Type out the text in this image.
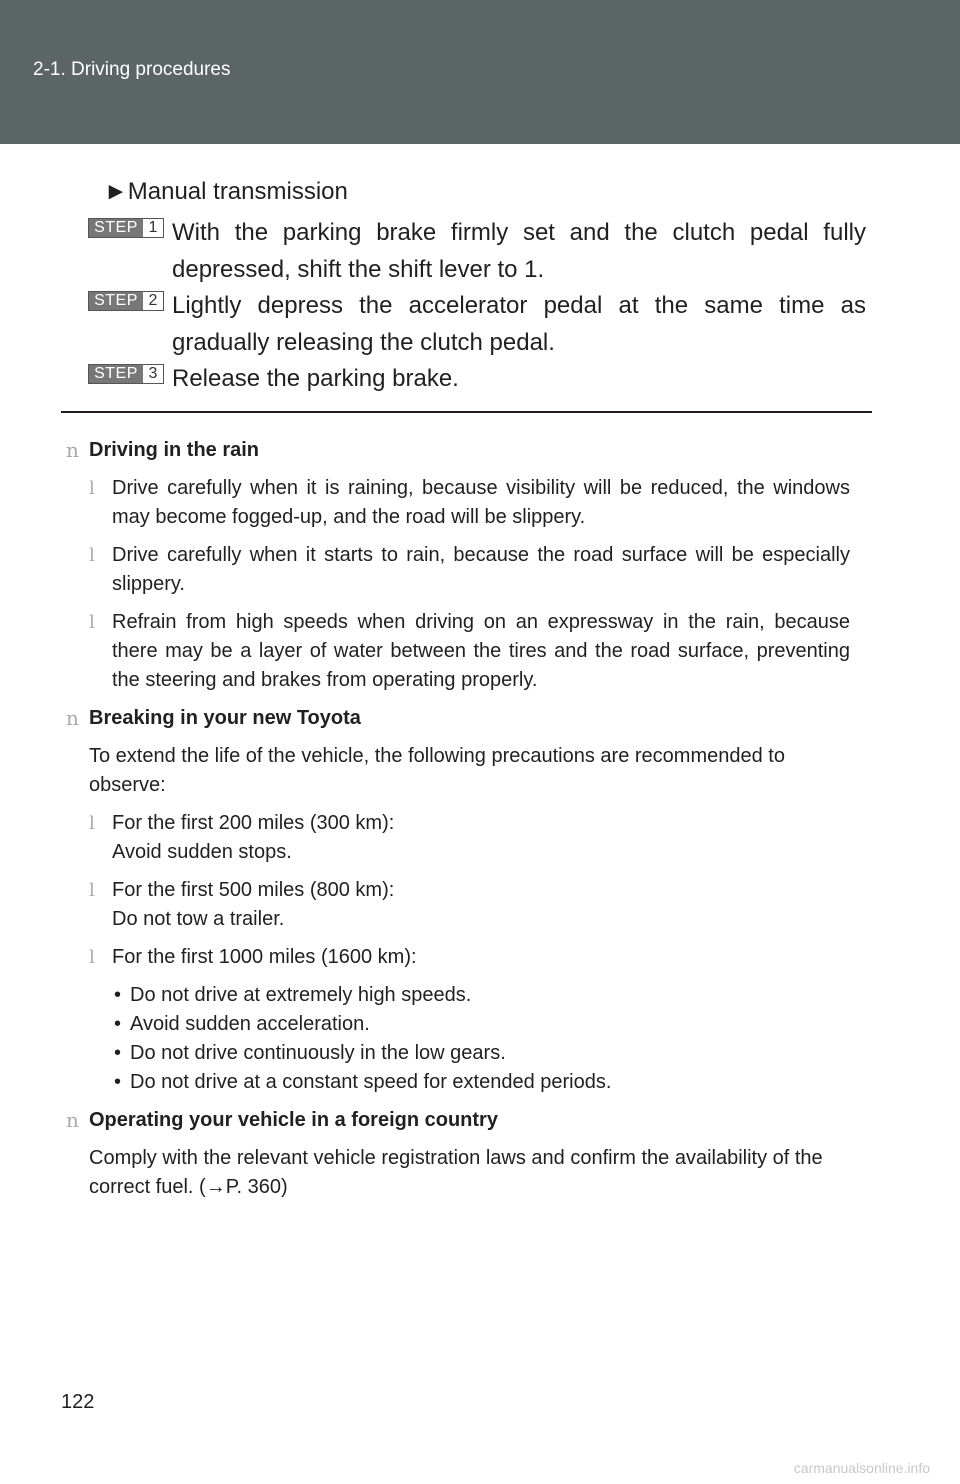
2-1. Driving procedures
►Manual transmission
STEP 1 With the parking brake firmly set and the clutch pedal fully depressed, shift the shift lever to 1.
STEP 2 Lightly depress the accelerator pedal at the same time as gradually releasing the clutch pedal.
STEP 3 Release the parking brake.
n Driving in the rain
l Drive carefully when it is raining, because visibility will be reduced, the windows may become fogged-up, and the road will be slippery.
l Drive carefully when it starts to rain, because the road surface will be especially slippery.
l Refrain from high speeds when driving on an expressway in the rain, because there may be a layer of water between the tires and the road surface, preventing the steering and brakes from operating properly.
n Breaking in your new Toyota
To extend the life of the vehicle, the following precautions are recommended to observe:
l For the first 200 miles (300 km):
Avoid sudden stops.
l For the first 500 miles (800 km):
Do not tow a trailer.
l For the first 1000 miles (1600 km):
• Do not drive at extremely high speeds.
• Avoid sudden acceleration.
• Do not drive continuously in the low gears.
• Do not drive at a constant speed for extended periods.
n Operating your vehicle in a foreign country
Comply with the relevant vehicle registration laws and confirm the availability of the correct fuel. (→P. 360)
122
carmanualsonline.info
